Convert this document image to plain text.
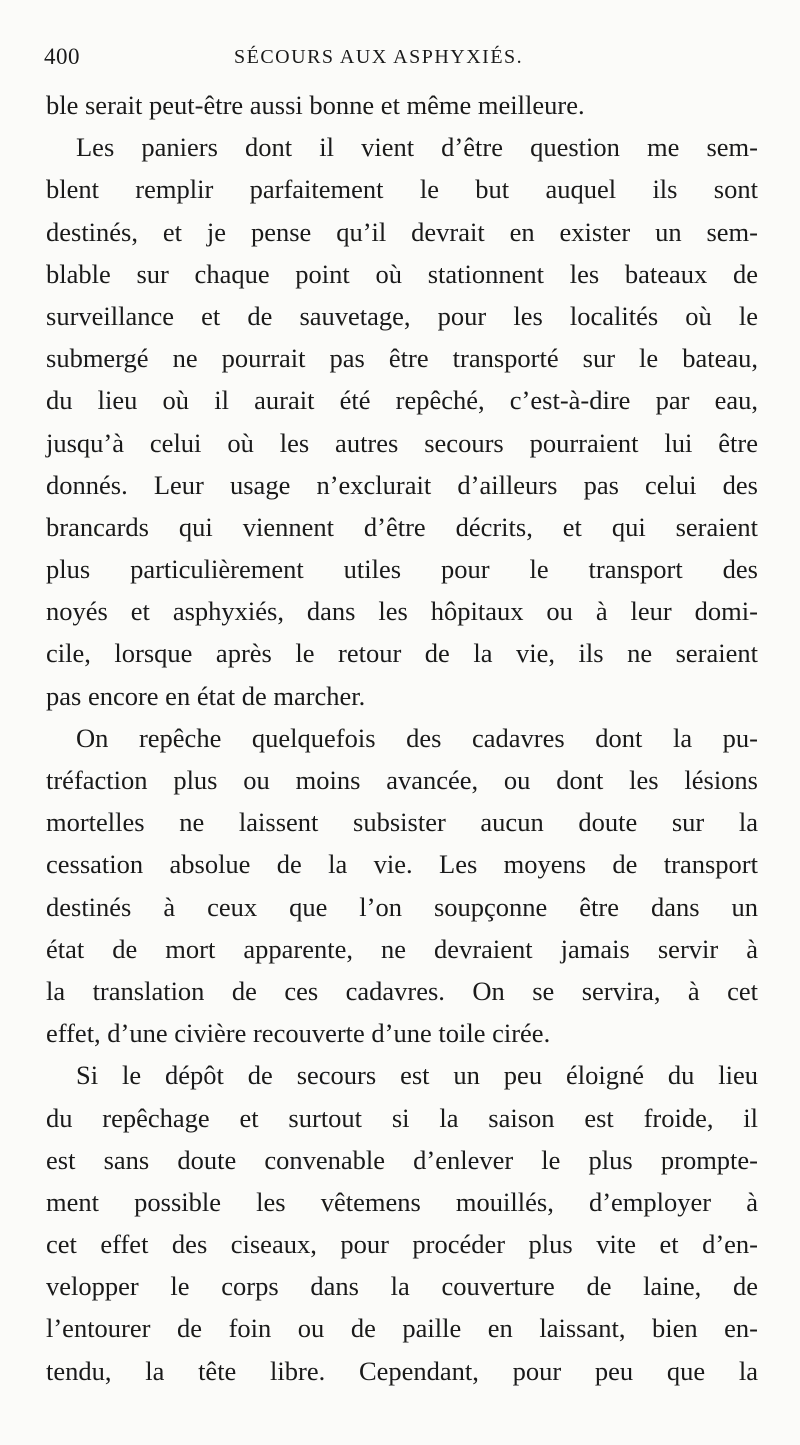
400	SÉCOURS AUX ASPHYXIÉS.
ble serait peut-être aussi bonne et même meilleure.
Les paniers dont il vient d’être question me sem-
blent remplir parfaitement le but auquel ils sont
destinés, et je pense qu’il devrait en exister un sem-
blable sur chaque point où stationnent les bateaux de
surveillance et de sauvetage, pour les localités où le
submergé ne pourrait pas être transporté sur le bateau,
du lieu où il aurait été repêché, c’est-à-dire par eau,
jusqu’à celui où les autres secours pourraient lui être
donnés. Leur usage n’exclurait d’ailleurs pas celui des
brancards qui viennent d’être décrits, et qui seraient
plus particulièrement utiles pour le transport des
noyés et asphyxiés, dans les hôpitaux ou à leur domi-
cile, lorsque après le retour de la vie, ils ne seraient
pas encore en état de marcher.
On repêche quelquefois des cadavres dont la pu-
tréfaction plus ou moins avancée, ou dont les lésions
mortelles ne laissent subsister aucun doute sur la
cessation absolue de la vie. Les moyens de transport
destinés à ceux que l’on soupçonne être dans un
état de mort apparente, ne devraient jamais servir à
la translation de ces cadavres. On se servira, à cet
effet, d’une civière recouverte d’une toile cirée.
Si le dépôt de secours est un peu éloigné du lieu
du repêchage et surtout si la saison est froide, il
est sans doute convenable d’enlever le plus prompte-
ment possible les vêtemens mouillés, d’employer à
cet effet des ciseaux, pour procéder plus vite et d’en-
velopper le corps dans la couverture de laine, de
l’entourer de foin ou de paille en laissant, bien en-
tendu, la tête libre. Cependant, pour peu que la
